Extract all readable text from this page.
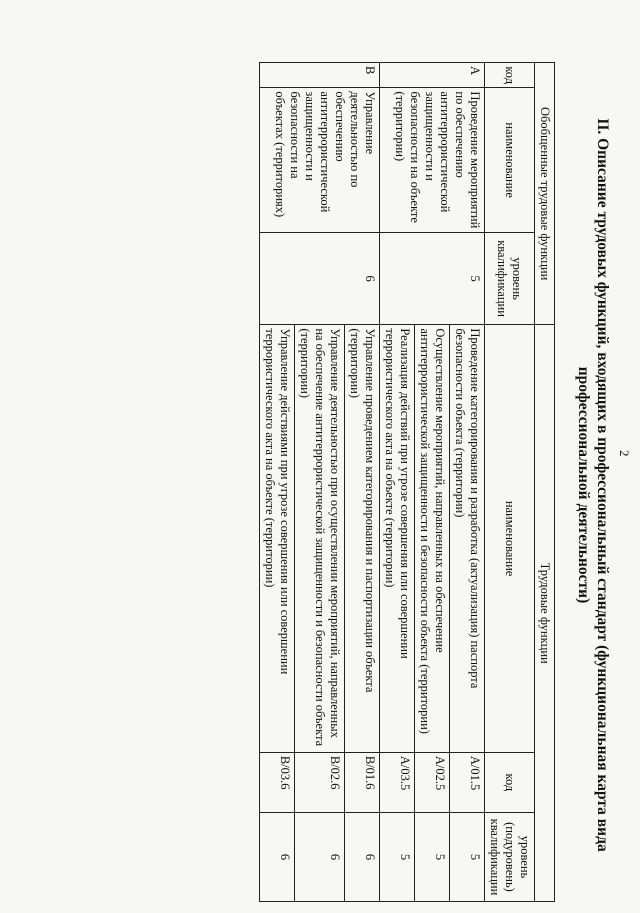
2
II. Описание трудовых функций, входящих в профессиональный стандарт (функциональная карта вида
профессиональной деятельности)
Обобщенные трудовые функции			Трудовые функции		
код	наименование	уровень квалификации	наименование	код	уровень (подуровень) квалификации
A	Проведение мероприятий по обеспечению антитеррористической защищенности и безопасности на объекте (территории)	5	Проведение категорирования и разработка (актуализация) паспорта безопасности объекта (территории)	A/01.5	5
			Осуществление мероприятий, направленных на обеспечение антитеррористической защищенности и безопасности объекта (территории)	A/02.5	5
			Реализация действий при угрозе совершения или совершении террористического акта на объекте (территории)	A/03.5	5
B	Управление деятельностью по обеспечению антитеррористической защищенности и безопасности на объектах (территориях)	6	Управление проведением категорирования и паспортизации объекта (территории)	B/01.6	6
			Управление деятельностью при осуществлении мероприятий, направленных на обеспечение антитеррористической защищенности и безопасности объекта (территории)	B/02.6	6
			Управление действиями при угрозе совершения или совершении террористического акта на объекте (территории)	B/03.6	6
